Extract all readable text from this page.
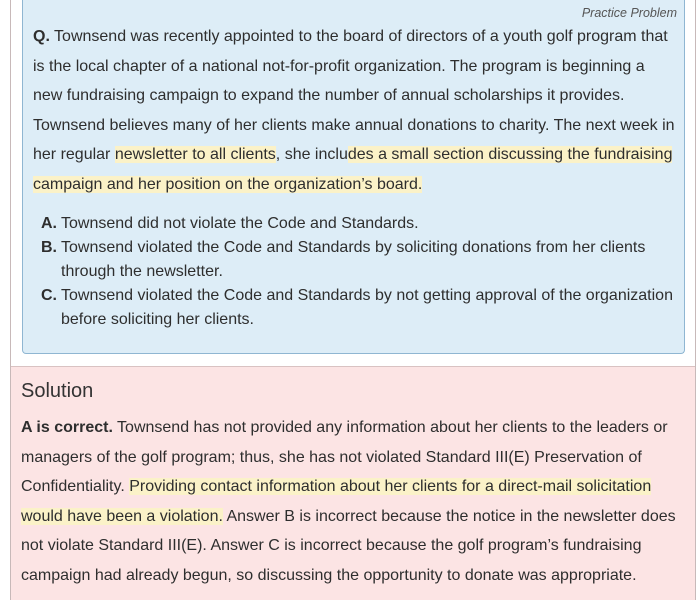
Practice Problem
Q. Townsend was recently appointed to the board of directors of a youth golf program that is the local chapter of a national not-for-profit organization. The program is beginning a new fundraising campaign to expand the number of annual scholarships it provides. Townsend believes many of her clients make annual donations to charity. The next week in her regular newsletter to all clients, she includes a small section discussing the fundraising campaign and her position on the organization’s board.
A. Townsend did not violate the Code and Standards.
B. Townsend violated the Code and Standards by soliciting donations from her clients through the newsletter.
C. Townsend violated the Code and Standards by not getting approval of the organization before soliciting her clients.
Solution
A is correct. Townsend has not provided any information about her clients to the leaders or managers of the golf program; thus, she has not violated Standard III(E) Preservation of Confidentiality. Providing contact information about her clients for a direct-mail solicitation would have been a violation. Answer B is incorrect because the notice in the newsletter does not violate Standard III(E). Answer C is incorrect because the golf program’s fundraising campaign had already begun, so discussing the opportunity to donate was appropriate.
